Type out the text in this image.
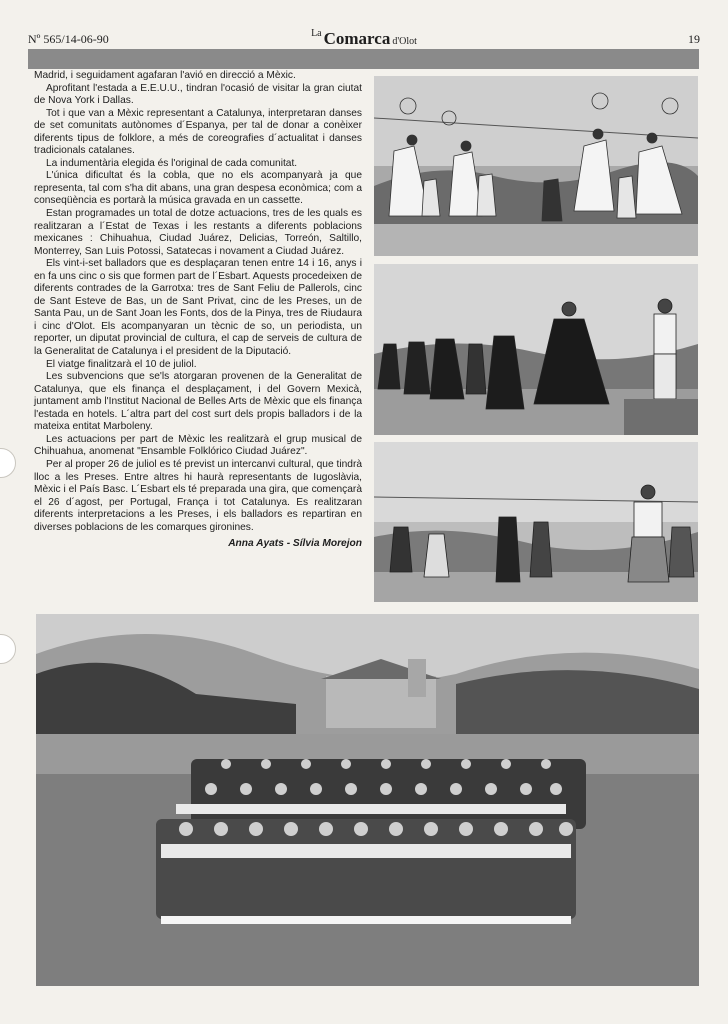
Nº 565/14-06-90	$^{La}$ Comarca d'Olot	19

Madrid, i seguidament agafaran l'avió en direcció a Mèxic.

Aprofitant l'estada a E.E.U.U., tindran l'ocasió de visitar la gran ciutat de Nova York i Dallas.

Tot i que van a Mèxic representant a Catalunya, interpretaran danses de set comunitats autònomes d´Espanya, per tal de donar a conèixer diferents tipus de folklore, a més de coreografies d´actualitat i danses tradicionals catalanes.

La indumentària elegida és l'original de cada comunitat.

L'única dificultat és la cobla, que no els acompanyarà ja que representa, tal com s'ha dit abans, una gran despesa econòmica; com a conseqüència es portarà la música gravada en un cassette.

Estan programades un total de dotze actuacions, tres de les quals es realitzaran a l´Estat de Texas i les restants a diferents poblacions mexicanes : Chihuahua, Ciudad Juárez, Delicias, Torreón, Saltillo, Monterrey, San Luis Potossi, Satatecas i novament a Ciudad Juárez.

Els vint-i-set balladors que es desplaçaran tenen entre 14 i 16, anys i en fa uns cinc o sis que formen part de l´Esbart. Aquests procedeixen de diferents contrades de la Garrotxa: tres de Sant Feliu de Pallerols, cinc de Sant Esteve de Bas, un de Sant Privat, cinc de les Preses, un de Santa Pau, un de Sant Joan les Fonts, dos de la Pinya, tres de Riudaura i cinc d'Olot. Els acompanyaran un tècnic de so, un periodista, un reporter, un diputat provincial de cultura, el cap de serveis de cultura de la Generalitat de Catalunya i el president de la Diputació.

El viatge finalitzarà el 10 de juliol.

Les subvencions que se'ls atorgaran provenen de la Generalitat de Catalunya, que els finança el desplaçament, i del Govern Mexicà, juntament amb l'Institut Nacional de Belles Arts de Mèxic que els finança l'estada en hotels. L´altra part del cost surt dels propis balladors i de la mateixa entitat Marboleny.

Les actuacions per part de Mèxic les realitzarà el grup musical de Chihuahua, anomenat "Ensamble Folklórico Ciudad Juárez".

Per al proper 26 de juliol es té previst un intercanvi cultural, que tindrà lloc a les Preses. Entre altres hi haurà representants de Iugoslàvia, Mèxic i el País Basc. L´Esbart els té preparada una gira, que començarà el 26 d´agost, per Portugal, França i tot Catalunya. Es realitzaran diferents interpretacions a les Preses, i els balladors es repartiran en diverses poblacions de les comarques gironines.

Anna Ayats - Sílvia Morejon
